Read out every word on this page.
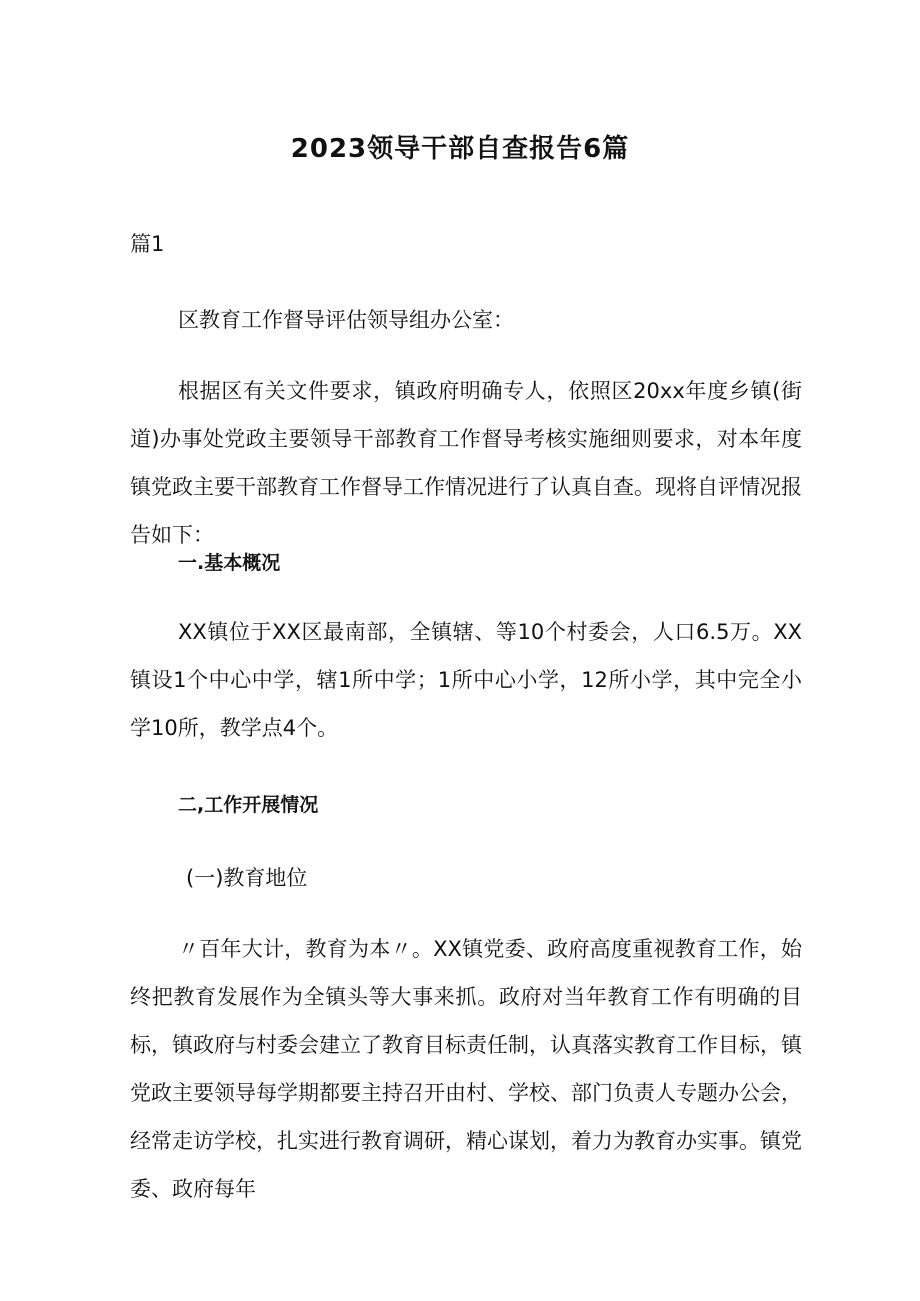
2023领导干部自查报告6篇
篇1
区教育工作督导评估领导组办公室：
根据区有关文件要求，镇政府明确专人，依照区20xx年度乡镇(街道)办事处党政主要领导干部教育工作督导考核实施细则要求，对本年度镇党政主要干部教育工作督导工作情况进行了认真自查。现将自评情况报告如下：
一.基本概况
XX镇位于XX区最南部，全镇辖、等10个村委会，人口6.5万。XX镇设1个中心中学，辖1所中学；1所中心小学，12所小学，其中完全小学10所，教学点4个。
二,工作开展情况
(一)教育地位
〃百年大计，教育为本〃。XX镇党委、政府高度重视教育工作，始终把教育发展作为全镇头等大事来抓。政府对当年教育工作有明确的目标，镇政府与村委会建立了教育目标责任制，认真落实教育工作目标，镇党政主要领导每学期都要主持召开由村、学校、部门负责人专题办公会，经常走访学校，扎实进行教育调研，精心谋划，着力为教育办实事。镇党委、政府每年
